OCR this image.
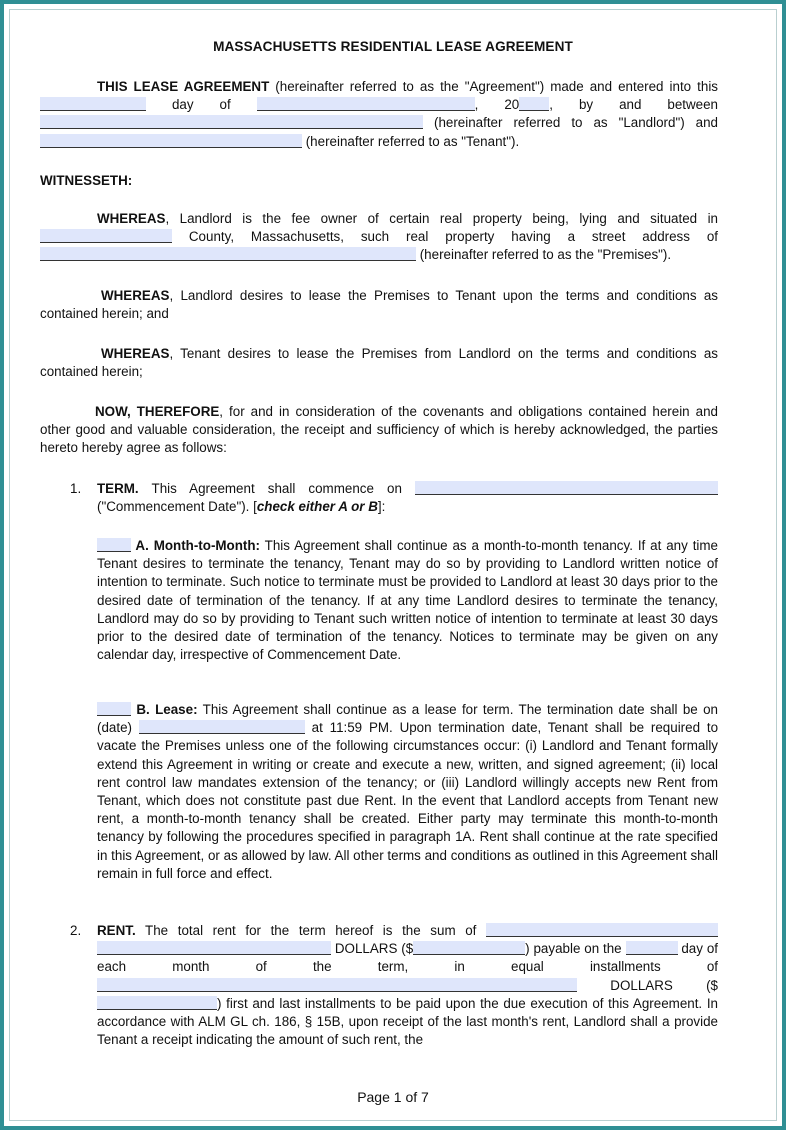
MASSACHUSETTS RESIDENTIAL LEASE AGREEMENT

THIS LEASE AGREEMENT (hereinafter referred to as the "Agreement") made and entered into this  day of	, 20 , by and between  (hereinafter referred to as "Landlord") and  (hereinafter referred to as "Tenant").

WITNESSETH:

WHEREAS, Landlord is the fee owner of certain real property being, lying and situated in  County, Massachusetts, such real property having a street address of  (hereinafter referred to as the "Premises").

WHEREAS, Landlord desires to lease the Premises to Tenant upon the terms and conditions as contained herein; and

WHEREAS, Tenant desires to lease the Premises from Landlord on the terms and conditions as contained herein;

NOW, THEREFORE, for and in consideration of the covenants and obligations contained herein and other good and valuable consideration, the receipt and sufficiency of which is hereby acknowledged, the parties hereto hereby agree as follows:

1. TERM. This Agreement shall commence on  ("Commencement Date"). [check either A or B]:

A. Month-to-Month: This Agreement shall continue as a month-to-month tenancy. If at any time Tenant desires to terminate the tenancy, Tenant may do so by providing to Landlord written notice of intention to terminate. Such notice to terminate must be provided to Landlord at least 30 days prior to the desired date of termination of the tenancy. If at any time Landlord desires to terminate the tenancy, Landlord may do so by providing to Tenant such written notice of intention to terminate at least 30 days prior to the desired date of termination of the tenancy. Notices to terminate may be given on any calendar day, irrespective of Commencement Date.

B. Lease: This Agreement shall continue as a lease for term. The termination date shall be on (date)	at 11:59 PM. Upon termination date, Tenant shall be required to vacate the Premises unless one of the following circumstances occur: (i) Landlord and Tenant formally extend this Agreement in writing or create and execute a new, written, and signed agreement; (ii) local rent control law mandates extension of the tenancy; or (iii) Landlord willingly accepts new Rent from Tenant, which does not constitute past due Rent. In the event that Landlord accepts from Tenant new rent, a month-to-month tenancy shall be created. Either party may terminate this month-to-month tenancy by following the procedures specified in paragraph 1A. Rent shall continue at the rate specified in this Agreement, or as allowed by law. All other terms and conditions as outlined in this Agreement shall remain in full force and effect.

2. RENT. The total rent for the term hereof is the sum of   DOLLARS ($	) payable on the	day of each month of the term, in equal installments of  DOLLARS ($) first and last installments to be paid upon the due execution of this Agreement. In accordance with ALM GL ch. 186, § 15B, upon receipt of the last month's rent, Landlord shall a provide Tenant a receipt indicating the amount of such rent, the

Page 1 of 7
